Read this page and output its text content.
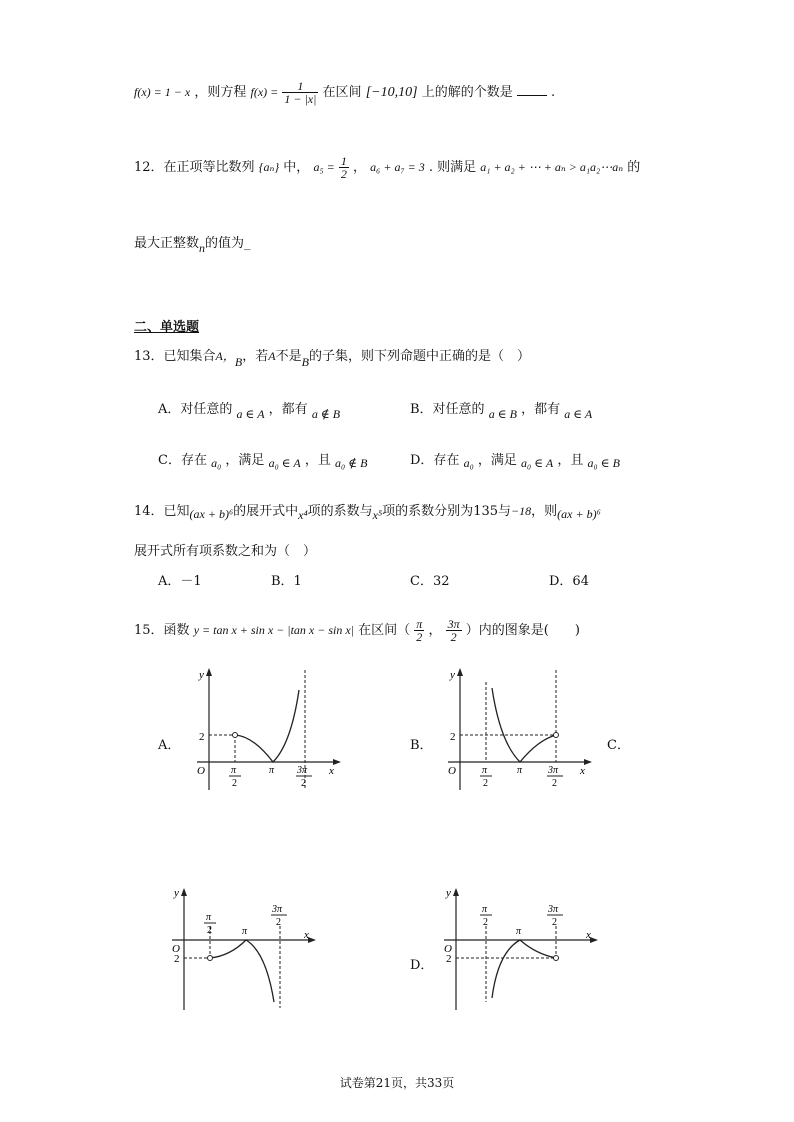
f(x) = 1 − x ，则方程 $f(x) = \frac{1}{1 - |x|}$ 在区间 [−10,10] 上的解的个数是	.
12．在正项等比数列 {aₙ} 中， $a_5 = \frac{1}{2}$ ， a₆ + a₇ = 3 . 则满足 a₁ + a₂ + ⋯ + aₙ > a₁a₂⋯aₙ 的
最大正整数n的值为_
二、单选题
13．已知集合A，B，若A不是B的子集，则下列命题中正确的是（　）
A．对任意的 a ∈ A ，都有 a ∉ B	B．对任意的 a ∈ B ，都有 a ∈ A
C．存在 a₀ ，满足 a₀ ∈ A ，且 a₀ ∉ B	D．存在 a₀ ，满足 a₀ ∈ A ，且 a₀ ∈ B
14．已知(ax + b)⁶的展开式中x⁴项的系数与x⁵项的系数分别为135与−18，则(ax + b)⁶
展开式所有项系数之和为（　）
A．－1	B．1	C．32	D．64
15．函数 y = tan x + sin x − |tan x − sin x| 在区间（ $\frac{\pi}{2}$ ， $\frac{3\pi}{2}$ ）内的图象是(　　)
A．	B．	C．
D．
y
x
O
2
π
2
π 3π
2
y
x
O
2
π
2
π	3π
2
y
x
O
2
π
2	π
3π
2
y
x
O
2
π
2
π
3π
2
试卷第21页，共33页
